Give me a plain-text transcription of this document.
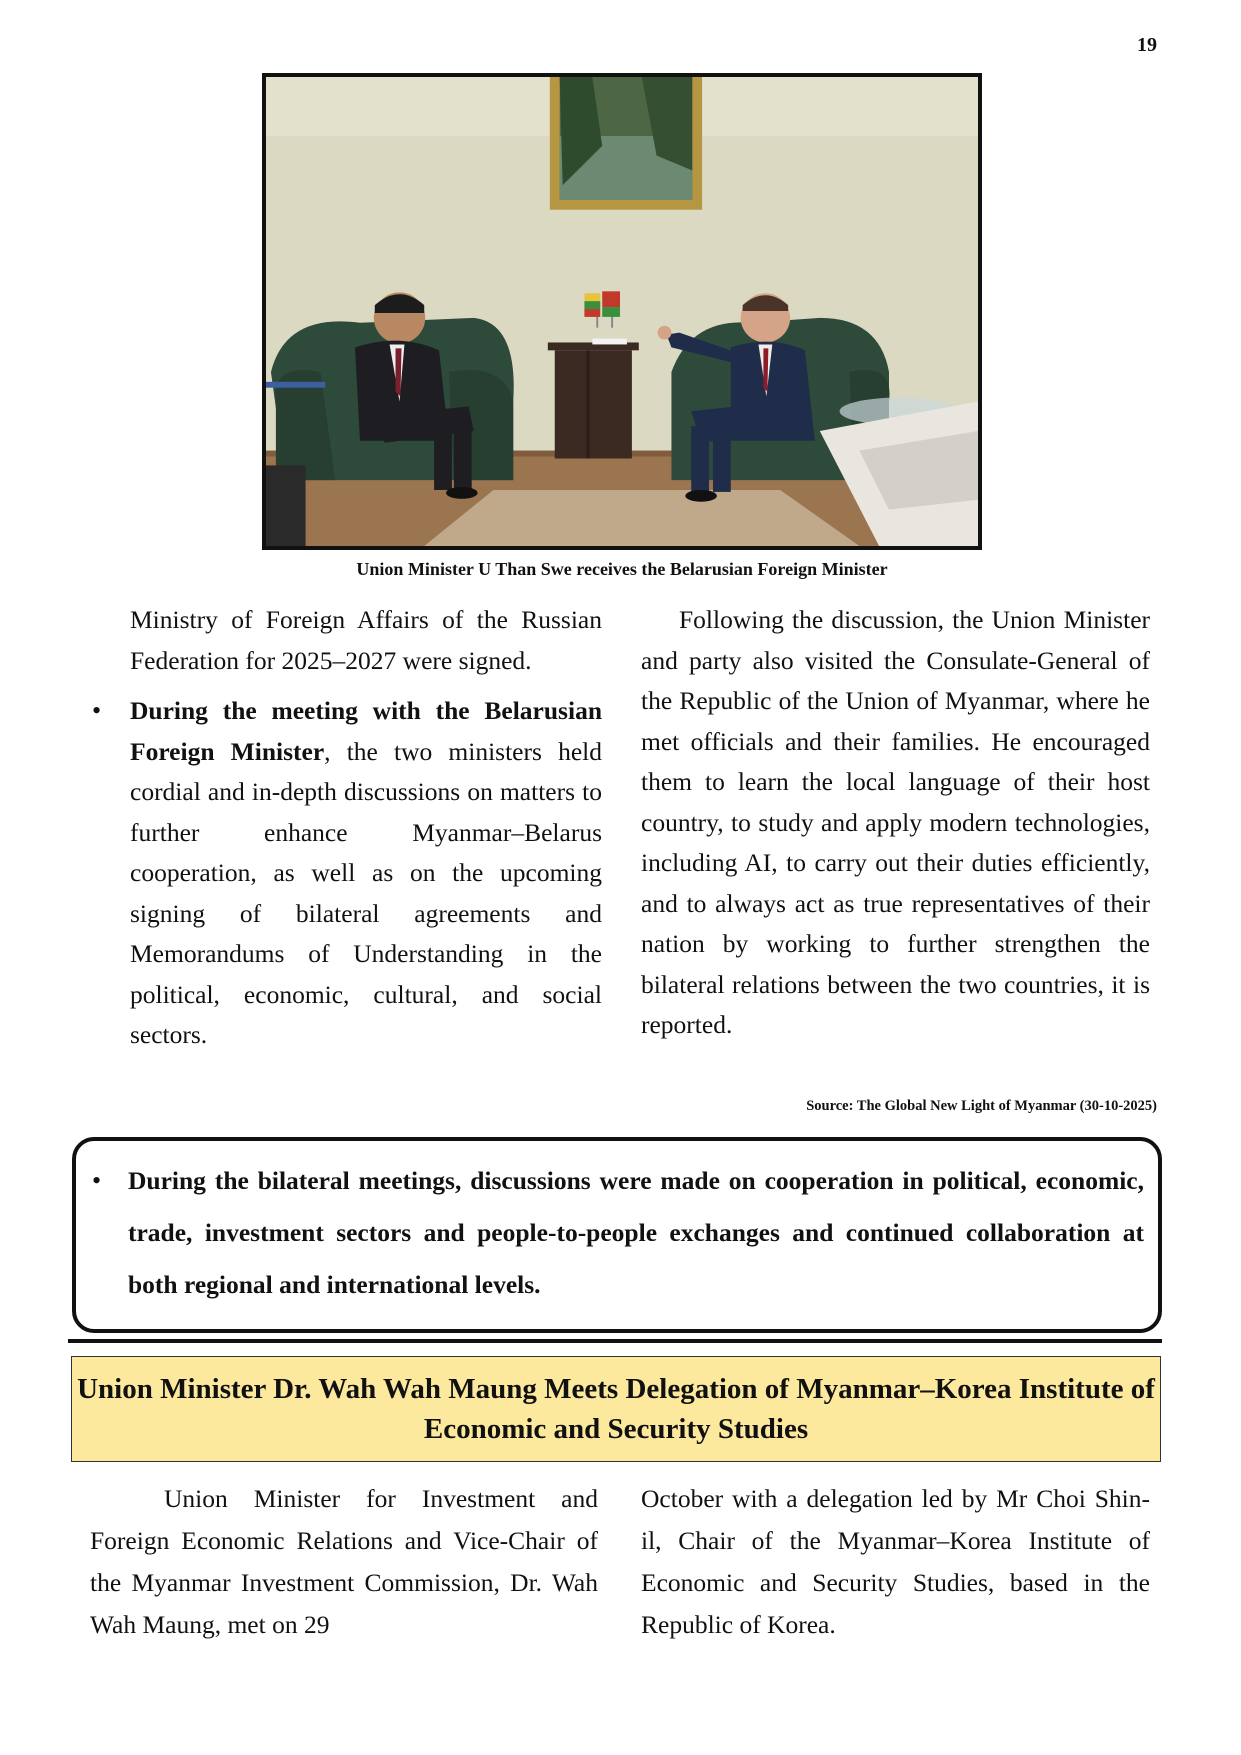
19
Union Minister U Than Swe receives the Belarusian Foreign Minister

Ministry of Foreign Affairs of the Russian Federation for 2025–2027 were signed.

• During the meeting with the Belarusian Foreign Minister, the two ministers held cordial and in-depth discussions on matters to further enhance Myanmar–Belarus cooperation, as well as on the upcoming signing of bilateral agreements and Memorandums of Understanding in the political, economic, cultural, and social sectors.

Following the discussion, the Union Minister and party also visited the Consulate-General of the Republic of the Union of Myanmar, where he met officials and their families. He encouraged them to learn the local language of their host country, to study and apply modern technologies, including AI, to carry out their duties efficiently, and to always act as true representatives of their nation by working to further strengthen the bilateral relations between the two countries, it is reported.

Source: The Global New Light of Myanmar (30-10-2025)
• During the bilateral meetings, discussions were made on cooperation in political, economic, trade, investment sectors and people-to-people exchanges and continued collaboration at both regional and international levels.
Union Minister Dr. Wah Wah Maung Meets Delegation of Myanmar–Korea Institute of Economic and Security Studies

Union Minister for Investment and Foreign Economic Relations and Vice-Chair of the Myanmar Investment Commission, Dr. Wah Wah Maung, met on 29

October with a delegation led by Mr Choi Shin-il, Chair of the Myanmar–Korea Institute of Economic and Security Studies, based in the Republic of Korea.
